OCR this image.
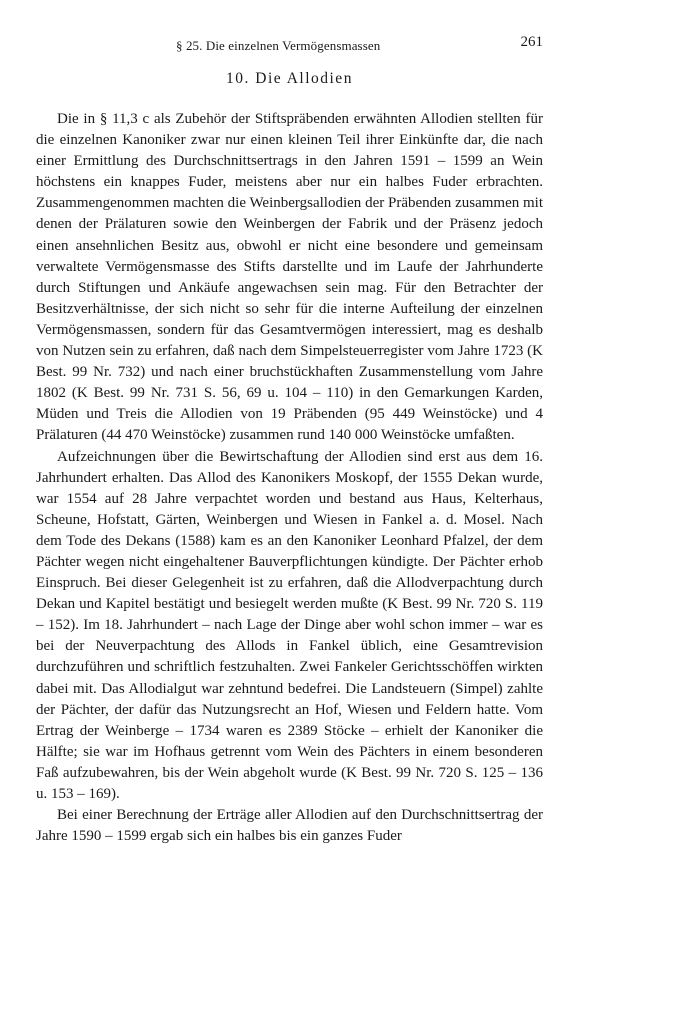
§ 25. Die einzelnen Vermögensmassen	261
10. Die Allodien

Die in § 11,3 c als Zubehör der Stiftspräbenden erwähnten Allodien stellten für die einzelnen Kanoniker zwar nur einen kleinen Teil ihrer Einkünfte dar, die nach einer Ermittlung des Durchschnittsertrags in den Jahren 1591 – 1599 an Wein höchstens ein knappes Fuder, meistens aber nur ein halbes Fuder erbrachten. Zusammengenommen machten die Weinbergsallodien der Präbenden zusammen mit denen der Prälaturen sowie den Weinbergen der Fabrik und der Präsenz jedoch einen ansehnlichen Besitz aus, obwohl er nicht eine besondere und gemeinsam verwaltete Vermögensmasse des Stifts darstellte und im Laufe der Jahrhunderte durch Stiftungen und Ankäufe angewachsen sein mag. Für den Betrachter der Besitzverhältnisse, der sich nicht so sehr für die interne Aufteilung der einzelnen Vermögensmassen, sondern für das Gesamtvermögen interessiert, mag es deshalb von Nutzen sein zu erfahren, daß nach dem Simpelsteuerregister vom Jahre 1723 (K Best. 99 Nr. 732) und nach einer bruchstückhaften Zusammenstellung vom Jahre 1802 (K Best. 99 Nr. 731 S. 56, 69 u. 104 – 110) in den Gemarkungen Karden, Müden und Treis die Allodien von 19 Präbenden (95 449 Weinstöcke) und 4 Prälaturen (44 470 Weinstöcke) zusammen rund 140 000 Weinstöcke umfaßten.

Aufzeichnungen über die Bewirtschaftung der Allodien sind erst aus dem 16. Jahrhundert erhalten. Das Allod des Kanonikers Moskopf, der 1555 Dekan wurde, war 1554 auf 28 Jahre verpachtet worden und bestand aus Haus, Kelterhaus, Scheune, Hofstatt, Gärten, Weinbergen und Wiesen in Fankel a. d. Mosel. Nach dem Tode des Dekans (1588) kam es an den Kanoniker Leonhard Pfalzel, der dem Pächter wegen nicht eingehaltener Bauverpflichtungen kündigte. Der Pächter erhob Einspruch. Bei dieser Gelegenheit ist zu erfahren, daß die Allodverpachtung durch Dekan und Kapitel bestätigt und besiegelt werden mußte (K Best. 99 Nr. 720 S. 119 – 152). Im 18. Jahrhundert – nach Lage der Dinge aber wohl schon immer – war es bei der Neuverpachtung des Allods in Fankel üblich, eine Gesamtrevision durchzuführen und schriftlich festzuhalten. Zwei Fankeler Gerichtsschöffen wirkten dabei mit. Das Allodialgut war zehntund bedefrei. Die Landsteuern (Simpel) zahlte der Pächter, der dafür das Nutzungsrecht an Hof, Wiesen und Feldern hatte. Vom Ertrag der Weinberge – 1734 waren es 2389 Stöcke – erhielt der Kanoniker die Hälfte; sie war im Hofhaus getrennt vom Wein des Pächters in einem besonderen Faß aufzubewahren, bis der Wein abgeholt wurde (K Best. 99 Nr. 720 S. 125 – 136 u. 153 – 169).

Bei einer Berechnung der Erträge aller Allodien auf den Durchschnittsertrag der Jahre 1590 – 1599 ergab sich ein halbes bis ein ganzes Fuder
